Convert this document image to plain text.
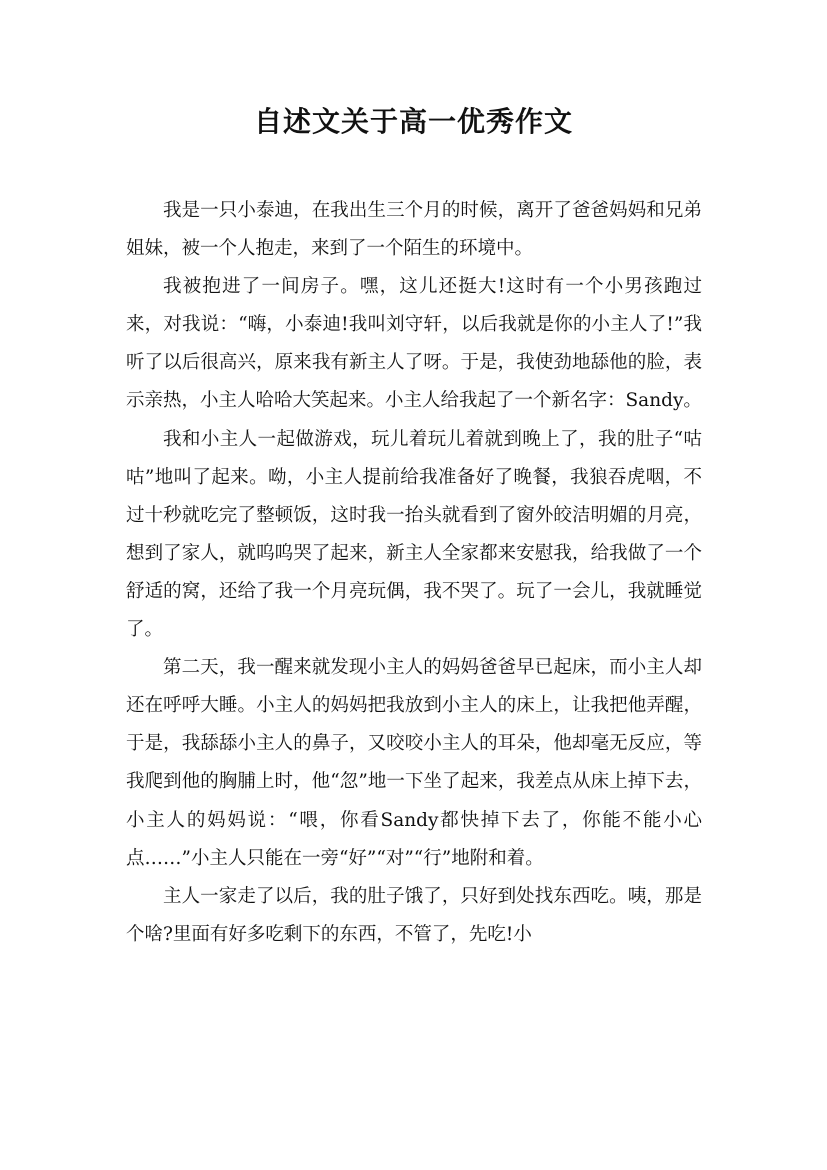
自述文关于高一优秀作文

我是一只小泰迪，在我出生三个月的时候，离开了爸爸妈妈和兄弟姐妹，被一个人抱走，来到了一个陌生的环境中。

我被抱进了一间房子。嘿，这儿还挺大!这时有一个小男孩跑过来，对我说：“嗨，小泰迪!我叫刘守轩，以后我就是你的小主人了!”我听了以后很高兴，原来我有新主人了呀。于是，我使劲地舔他的脸，表示亲热，小主人哈哈大笑起来。小主人给我起了一个新名字：Sandy。

我和小主人一起做游戏，玩儿着玩儿着就到晚上了，我的肚子“咕咕”地叫了起来。呦，小主人提前给我准备好了晚餐，我狼吞虎咽，不过十秒就吃完了整顿饭，这时我一抬头就看到了窗外皎洁明媚的月亮，想到了家人，就呜呜哭了起来，新主人全家都来安慰我，给我做了一个舒适的窝，还给了我一个月亮玩偶，我不哭了。玩了一会儿，我就睡觉了。

第二天，我一醒来就发现小主人的妈妈爸爸早已起床，而小主人却还在呼呼大睡。小主人的妈妈把我放到小主人的床上，让我把他弄醒，于是，我舔舔小主人的鼻子，又咬咬小主人的耳朵，他却毫无反应，等我爬到他的胸脯上时，他“忽”地一下坐了起来，我差点从床上掉下去，小主人的妈妈说：“喂，你看Sandy都快掉下去了，你能不能小心点……”小主人只能在一旁“好”“对”“行”地附和着。

主人一家走了以后，我的肚子饿了，只好到处找东西吃。咦，那是个啥?里面有好多吃剩下的东西，不管了，先吃!小
